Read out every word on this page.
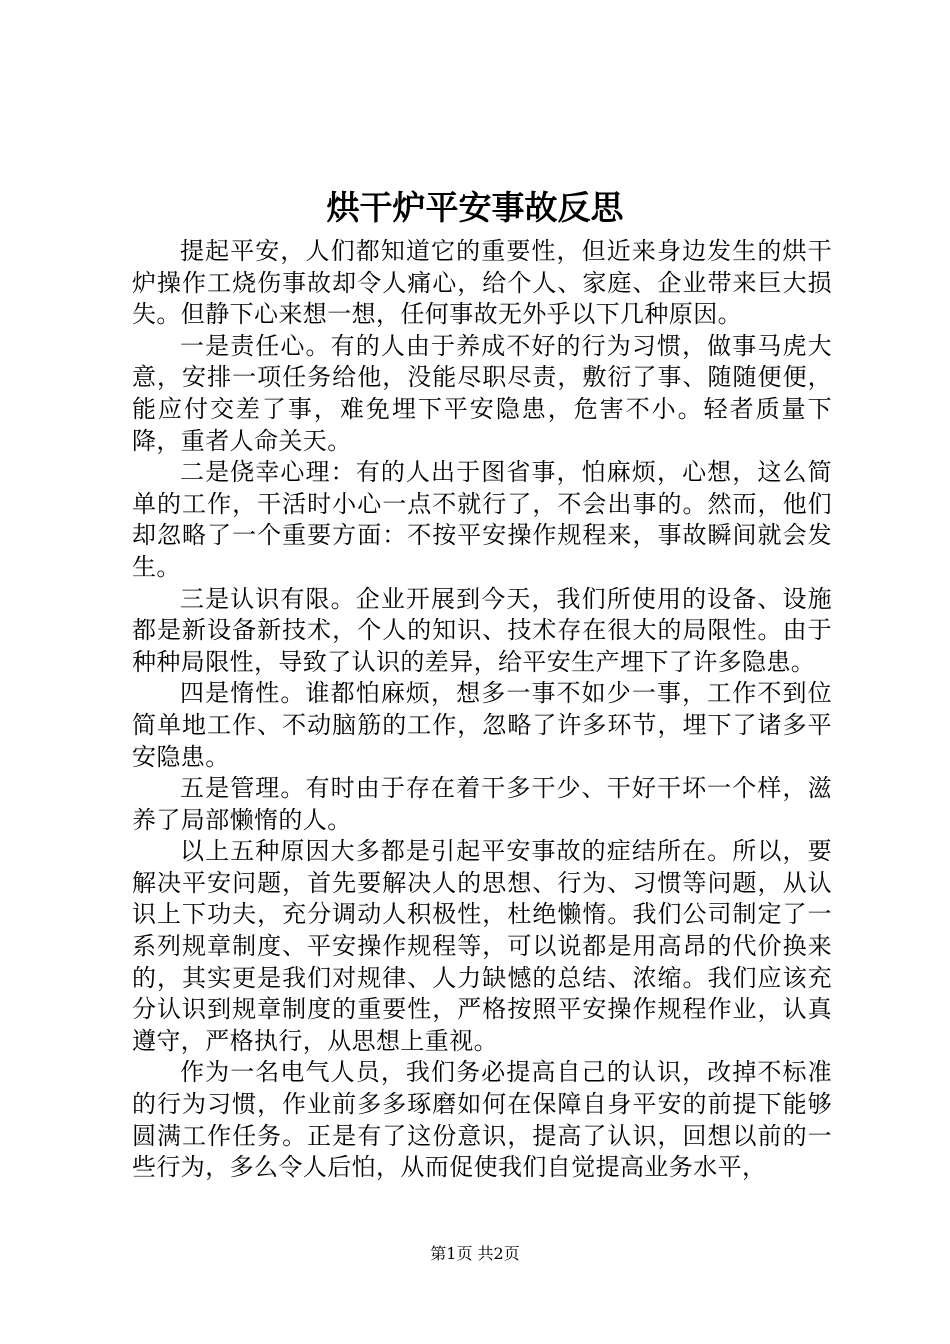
烘干炉平安事故反思

提起平安，人们都知道它的重要性，但近来身边发生的烘干炉操作工烧伤事故却令人痛心，给个人、家庭、企业带来巨大损失。但静下心来想一想，任何事故无外乎以下几种原因。

一是责任心。有的人由于养成不好的行为习惯，做事马虎大意，安排一项任务给他，没能尽职尽责，敷衍了事、随随便便，能应付交差了事，难免埋下平安隐患，危害不小。轻者质量下降，重者人命关天。

二是侥幸心理：有的人出于图省事，怕麻烦，心想，这么简单的工作，干活时小心一点不就行了，不会出事的。然而，他们却忽略了一个重要方面：不按平安操作规程来，事故瞬间就会发生。

三是认识有限。企业开展到今天，我们所使用的设备、设施都是新设备新技术，个人的知识、技术存在很大的局限性。由于种种局限性，导致了认识的差异，给平安生产埋下了许多隐患。

四是惰性。谁都怕麻烦，想多一事不如少一事，工作不到位简单地工作、不动脑筋的工作，忽略了许多环节，埋下了诸多平安隐患。

五是管理。有时由于存在着干多干少、干好干坏一个样，滋养了局部懒惰的人。

以上五种原因大多都是引起平安事故的症结所在。所以，要解决平安问题，首先要解决人的思想、行为、习惯等问题，从认识上下功夫，充分调动人积极性，杜绝懒惰。我们公司制定了一系列规章制度、平安操作规程等，可以说都是用高昂的代价换来的，其实更是我们对规律、人力缺憾的总结、浓缩。我们应该充分认识到规章制度的重要性，严格按照平安操作规程作业，认真遵守，严格执行，从思想上重视。

作为一名电气人员，我们务必提高自己的认识，改掉不标准的行为习惯，作业前多多琢磨如何在保障自身平安的前提下能够圆满工作任务。正是有了这份意识，提高了认识，回想以前的一些行为，多么令人后怕，从而促使我们自觉提高业务水平，

第1页 共2页
